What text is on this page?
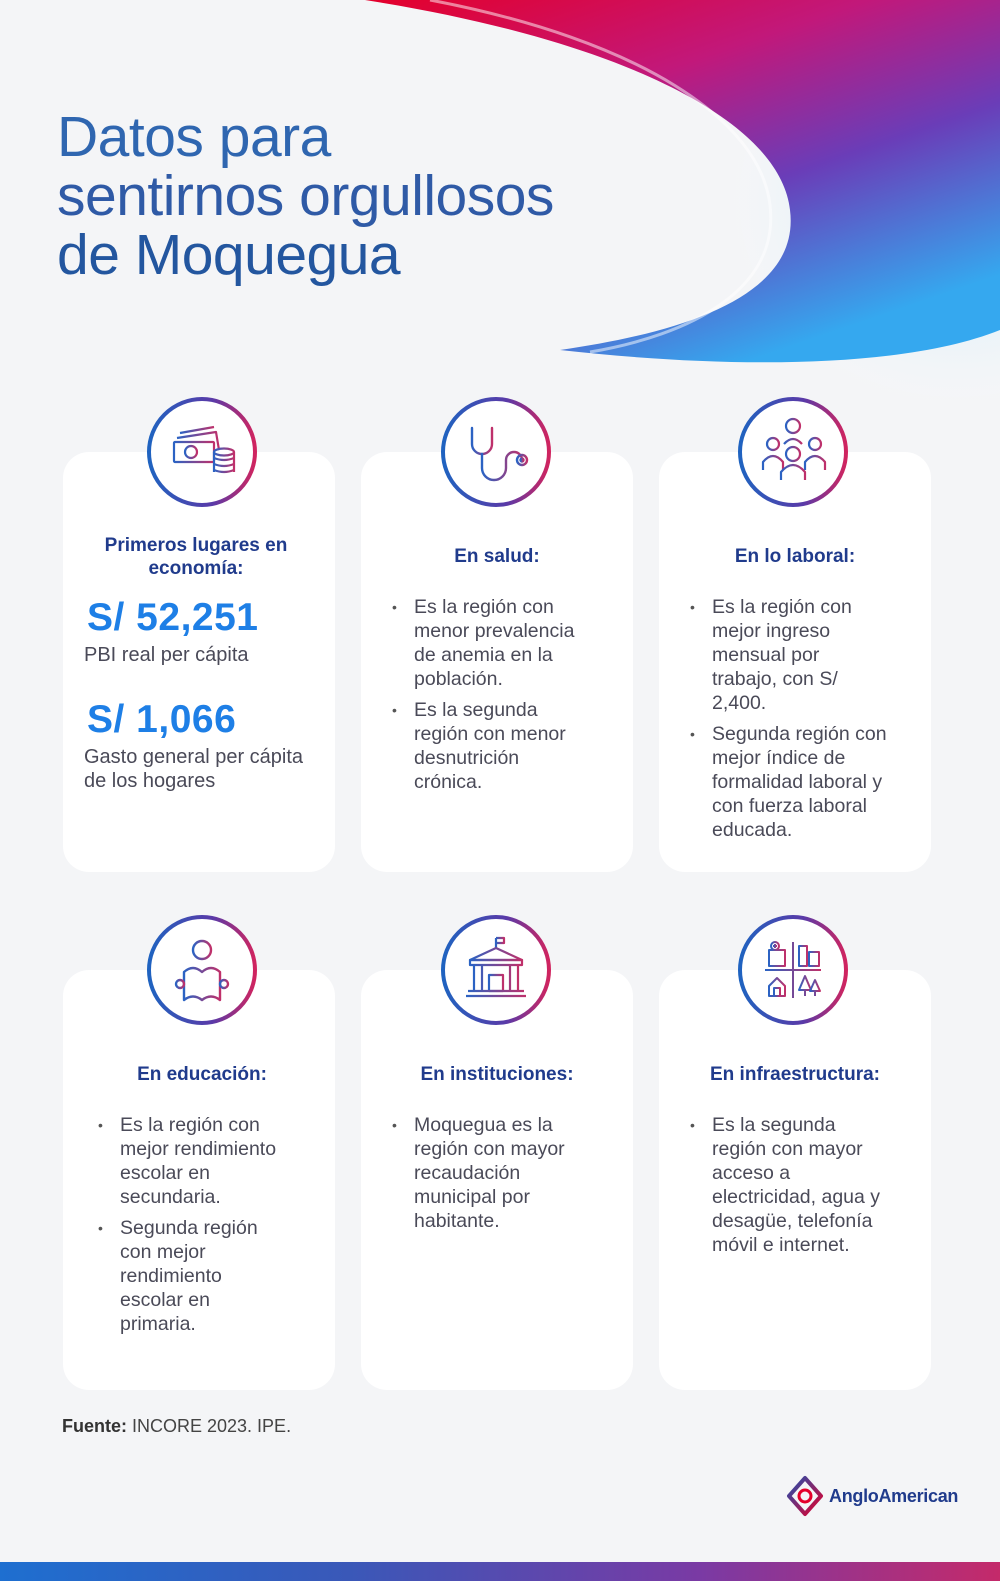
Datos para
sentirnos orgullosos
de Moquegua
Primeros lugares en economía:

S/ 52,251

PBI real per cápita

S/ 1,066

Gasto general per cápita de los hogares

En salud:
• Es la región con menor prevalencia de anemia en la población.
• Es la segunda región con menor desnutrición crónica.
En lo laboral:
• Es la región con mejor ingreso mensual por trabajo, con S/ 2,400.
• Segunda región con mejor índice de formalidad laboral y con fuerza laboral educada.
En educación:
• Es la región con mejor rendimiento escolar en secundaria.
• Segunda región con mejor rendimiento escolar en primaria.
En instituciones:
• Moquegua es la región con mayor recaudación municipal por habitante.
En infraestructura:
• Es la segunda región con mayor acceso a electricidad, agua y desagüe, telefonía móvil e internet.

Fuente: INCORE 2023. IPE.

AngloAmerican
